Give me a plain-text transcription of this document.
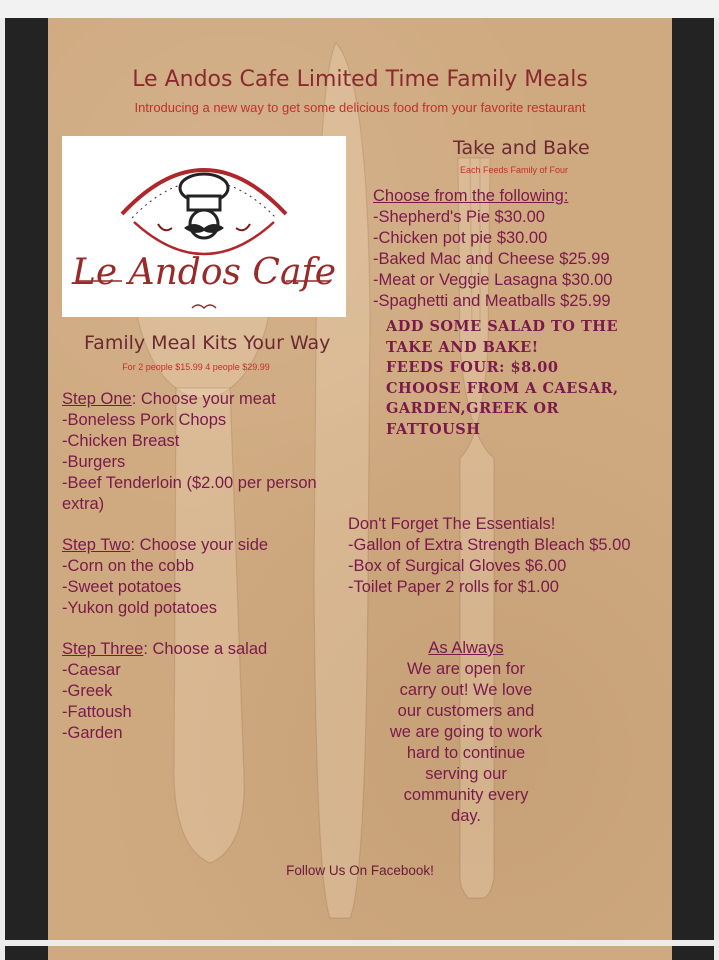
Le Andos Cafe Limited Time Family Meals
Introducing a new way to get some delicious food from your favorite restaurant
Le Andos Cafe
Take and Bake
Each Feeds Family of Four
Choose from the following:
-Shepherd's Pie $30.00
-Chicken pot pie $30.00
-Baked Mac and Cheese $25.99
-Meat or Veggie Lasagna $30.00
-Spaghetti and Meatballs $25.99
ADD SOME SALAD TO THE
TAKE AND BAKE!
FEEDS FOUR: $8.00
CHOOSE FROM A CAESAR,
GARDEN,GREEK OR
FATTOUSH
Family Meal Kits Your Way
For 2 people $15.99 4 people $29.99
Step One: Choose your meat
-Boneless Pork Chops
-Chicken Breast
-Burgers
-Beef Tenderloin ($2.00 per person
extra)
Step Two: Choose your side
-Corn on the cobb
-Sweet potatoes
-Yukon gold potatoes
Step Three: Choose a salad
-Caesar
-Greek
-Fattoush
-Garden
Don't Forget The Essentials!
-Gallon of Extra Strength Bleach $5.00
-Box of Surgical Gloves $6.00
-Toilet Paper 2 rolls for $1.00
As Always
We are open for
carry out! We love
our customers and
we are going to work
hard to continue
serving our
community every
day.
Follow Us On Facebook!
